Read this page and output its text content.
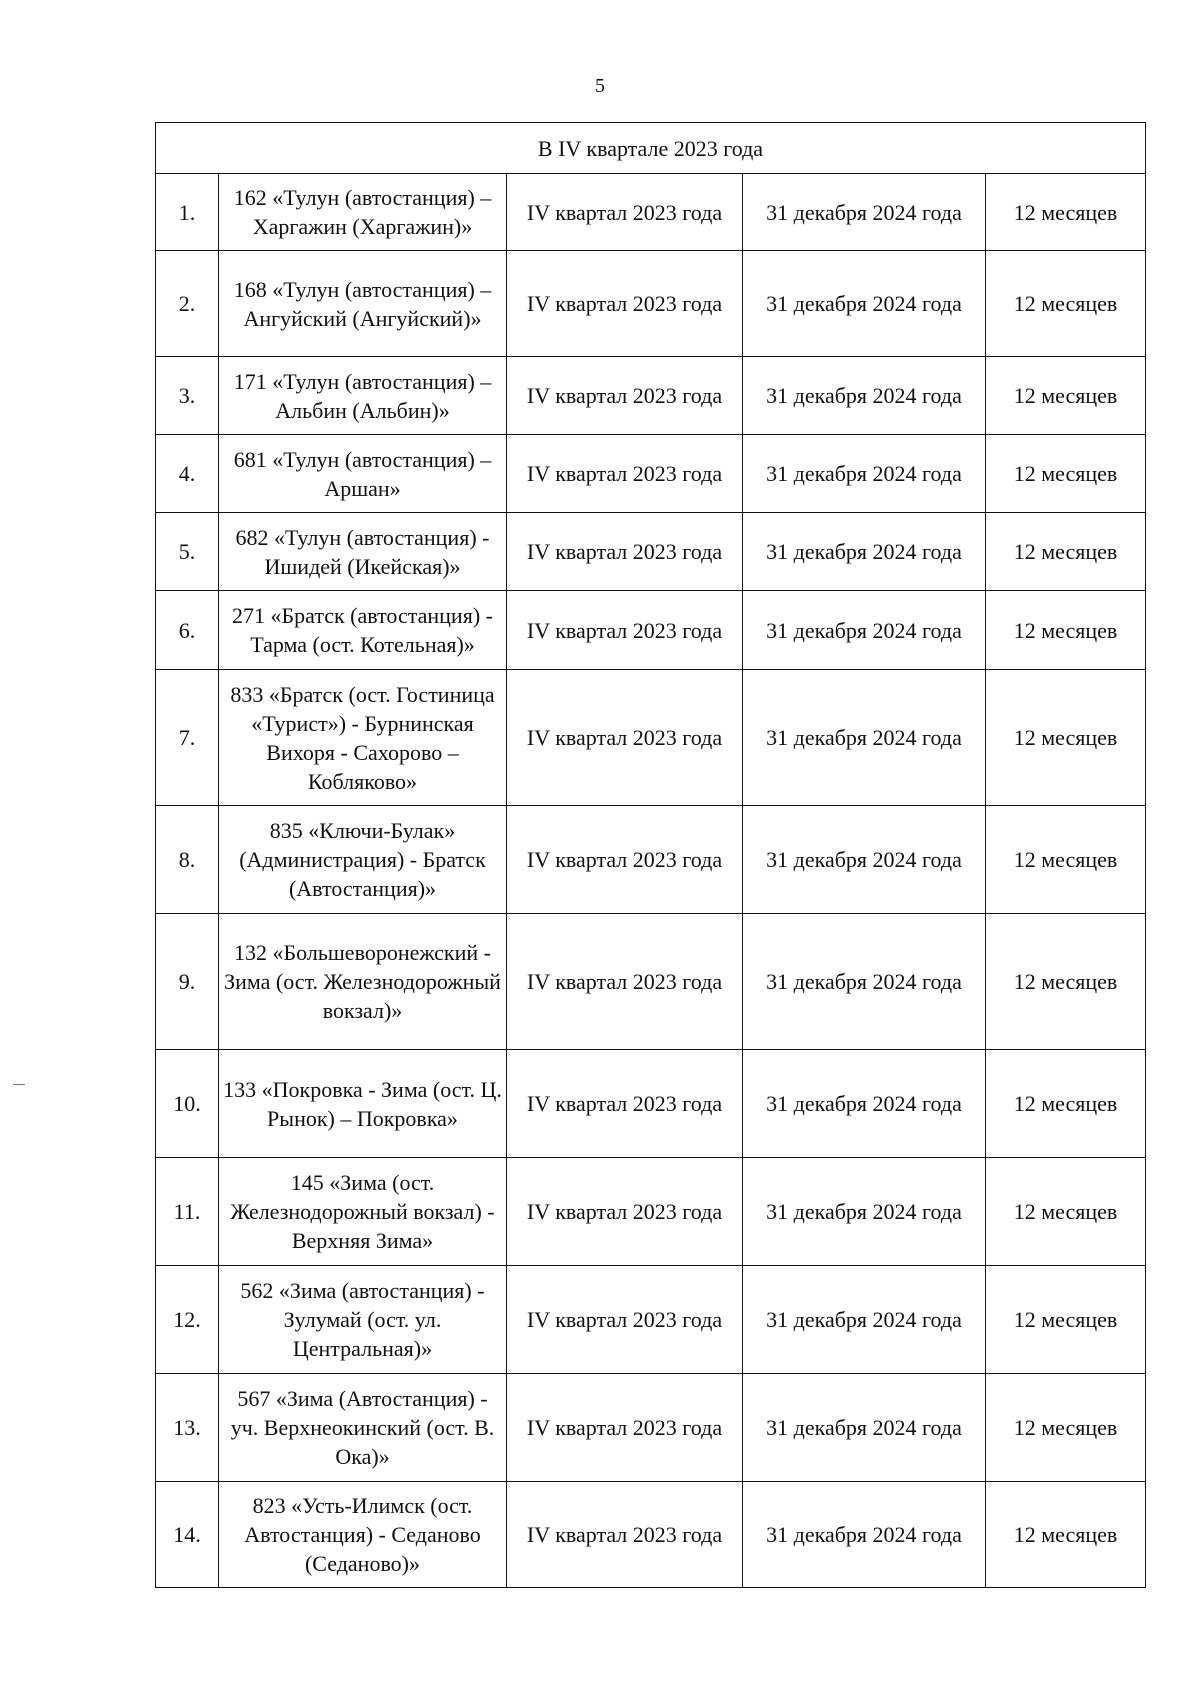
5
В IV квартале 2023 года				
1.	162 «Тулун (автостанция) – Харгажин (Харгажин)»	IV квартал 2023 года	31 декабря 2024 года	12 месяцев
2.	168 «Тулун (автостанция) – Ангуйский (Ангуйский)»	IV квартал 2023 года	31 декабря 2024 года	12 месяцев
3.	171 «Тулун (автостанция) – Альбин (Альбин)»	IV квартал 2023 года	31 декабря 2024 года	12 месяцев
4.	681 «Тулун (автостанция) – Аршан»	IV квартал 2023 года	31 декабря 2024 года	12 месяцев
5.	682 «Тулун (автостанция) - Ишидей (Икейская)»	IV квартал 2023 года	31 декабря 2024 года	12 месяцев
6.	271 «Братск (автостанция) - Тарма (ост. Котельная)»	IV квартал 2023 года	31 декабря 2024 года	12 месяцев
7.	833 «Братск (ост. Гостиница «Турист») - Бурнинская Вихоря - Сахорово – Кобляково»	IV квартал 2023 года	31 декабря 2024 года	12 месяцев
8.	835 «Ключи-Булак» (Администрация) - Братск (Автостанция)»	IV квартал 2023 года	31 декабря 2024 года	12 месяцев
9.	132 «Большеворонежский - Зима (ост. Железнодорожный вокзал)»	IV квартал 2023 года	31 декабря 2024 года	12 месяцев
10.	133 «Покровка - Зима (ост. Ц. Рынок) – Покровка»	IV квартал 2023 года	31 декабря 2024 года	12 месяцев
11.	145 «Зима (ост. Железнодорожный вокзал) - Верхняя Зима»	IV квартал 2023 года	31 декабря 2024 года	12 месяцев
12.	562 «Зима (автостанция) - Зулумай (ост. ул. Центральная)»	IV квартал 2023 года	31 декабря 2024 года	12 месяцев
13.	567 «Зима (Автостанция) - уч. Верхнеокинский (ост. В. Ока)»	IV квартал 2023 года	31 декабря 2024 года	12 месяцев
14.	823 «Усть-Илимск (ост. Автостанция) - Седаново (Седаново)»	IV квартал 2023 года	31 декабря 2024 года	12 месяцев
